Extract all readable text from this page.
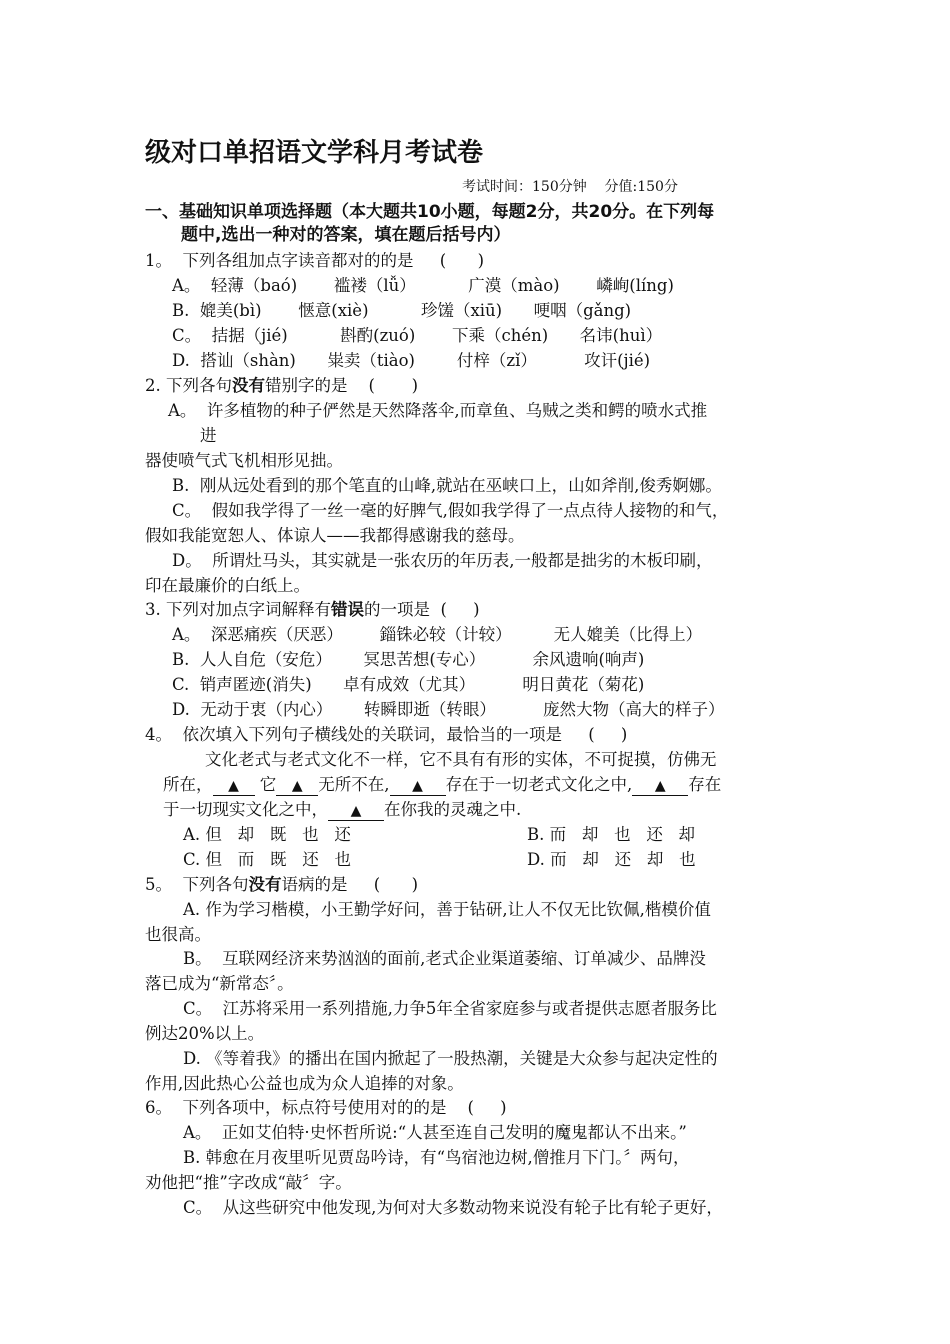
级对口单招语文学科月考试卷
考试时间：150分钟    分值:150分
一、基础知识单项选择题（本大题共10小题，每题2分，共20分。在下列每
题中,选出一种对的答案，填在题后括号内）
1。  下列各组加点字读音都对的的是     (      )
A。  轻薄（baó)       褴褛（lǚ）          广漠（mào)       嶙峋(líng)
B.  媲美(bì)       惬意(xiè)          珍馐（xiū)      哽咽（gǎng)
C。  拮据（jié)          斟酌(zuó)       下乘（chén)      名讳(huì）
D.  搭讪（shàn)      粜卖（tiào)        付梓（zǐ）         攻讦(jié)
2. 下列各句没有错别字的是    (       )
A。  许多植物的种子俨然是天然降落伞,而章鱼、乌贼之类和鳄的喷水式推
进
器使喷气式飞机相形见拙。
B.  刚从远处看到的那个笔直的山峰,就站在巫峡口上，山如斧削,俊秀婀娜。
C。  假如我学得了一丝一毫的好脾气,假如我学得了一点点待人接物的和气，
假如我能宽恕人、体谅人——我都得感谢我的慈母。
D。  所谓灶马头，其实就是一张农历的年历表,一般都是拙劣的木板印刷，
印在最廉价的白纸上。
3. 下列对加点字词解释有错误的一项是  (     )
A。  深恶痛疾（厌恶）       錙铢必较（计较）        无人媲美（比得上）
B.  人人自危（安危）      冥思苦想(专心）         余风遗响(响声)
C.  销声匿迹(消失)      卓有成效（尤其）         明日黄花（菊花)
D.  无动于衷（内心）      转瞬即逝（转眼）         庞然大物（高大的样子）
4。  依次填入下列句子横线处的关联词，最恰当的一项是     (     )
文化老式与老式文化不一样，它不具有有形的实体，不可捉摸，仿佛无
所在， ▲ 它 ▲ 无所不在, ▲ 存在于一切老式文化之中, ▲ 存在
于一切现实文化之中， ▲ 在你我的灵魂之中.
A. 但   却   既   也   还	B. 而   却   也   还   却
C. 但   而   既   还   也	D. 而   却   还   却   也
5。  下列各句没有语病的是     (      )
A. 作为学习楷模，小王勤学好问，善于钻研,让人不仅无比钦佩,楷模价值
也很高。
B。  互联网经济来势汹汹的面前,老式企业渠道萎缩、订单减少、品牌没
落已成为“新常态〞。
C。  江苏将采用一系列措施,力争5年全省家庭参与或者提供志愿者服务比
例达20%以上。
D. 《等着我》的播出在国内掀起了一股热潮，关键是大众参与起决定性的
作用,因此热心公益也成为众人追捧的对象。
6。  下列各项中，标点符号使用对的的是    (     )
A。  正如艾伯特·史怀哲所说:“人甚至连自己发明的魔鬼都认不出来。”
B. 韩愈在月夜里听见贾岛吟诗，有“鸟宿池边树,僧推月下门。〞两句，
劝他把“推”字改成“敲〞字。
C。  从这些研究中他发现,为何对大多数动物来说没有轮子比有轮子更好，
